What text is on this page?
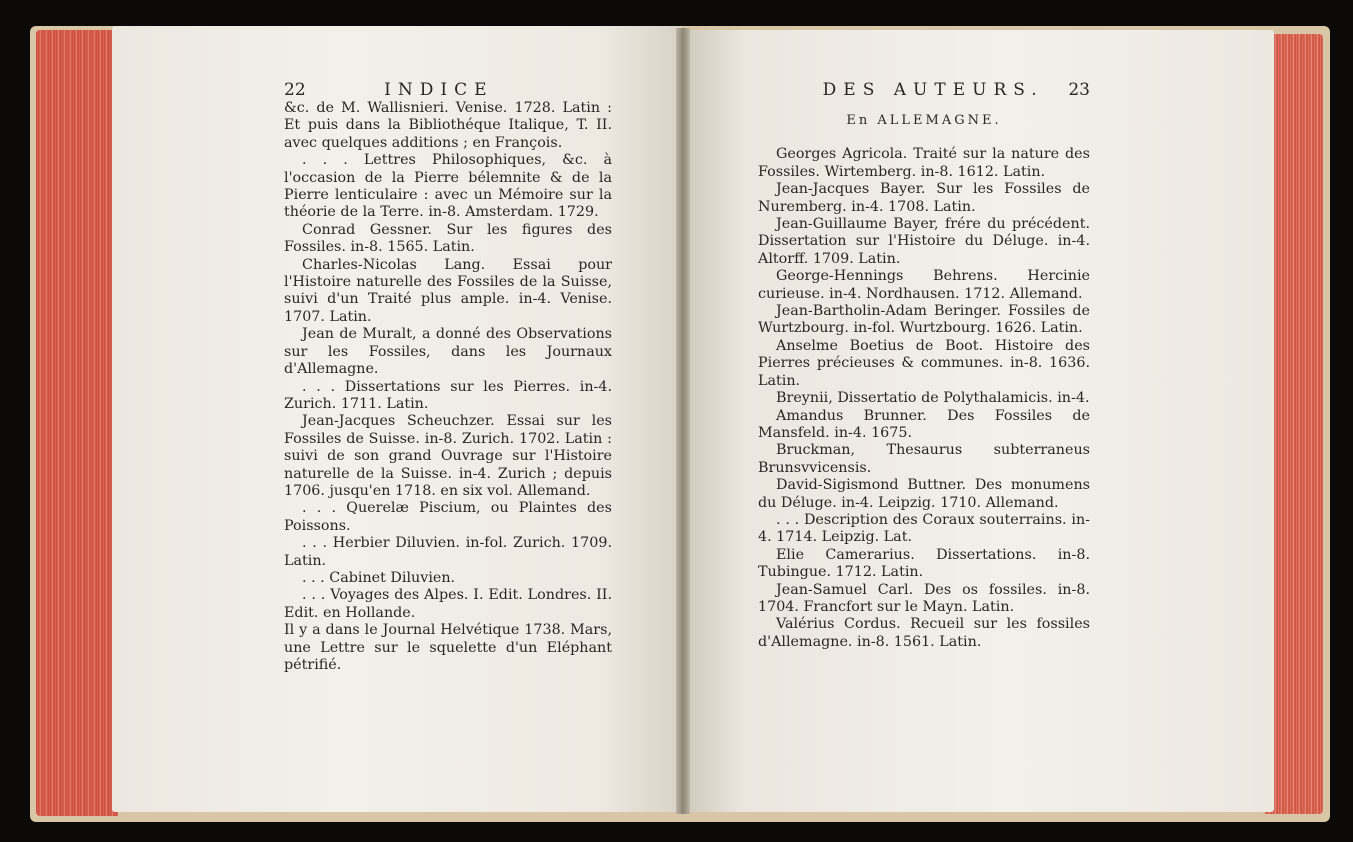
22	INDICE

&c. de M. Wallisnieri. Venise. 1728. Latin : Et puis dans la Bibliothéque Italique, T. II. avec quelques additions ; en François.

. . . Lettres Philosophiques, &c. à l'occasion de la Pierre bélemnite & de la Pierre lenticulaire : avec un Mémoire sur la théorie de la Terre. in-8. Amsterdam. 1729.

Conrad Gessner. Sur les figures des Fossiles. in-8. 1565. Latin.

Charles-Nicolas Lang. Essai pour l'Histoire naturelle des Fossiles de la Suisse, suivi d'un Traité plus ample. in-4. Venise. 1707. Latin.

Jean de Muralt, a donné des Observations sur les Fossiles, dans les Journaux d'Allemagne.

. . . Dissertations sur les Pierres. in-4. Zurich. 1711. Latin.

Jean-Jacques Scheuchzer. Essai sur les Fossiles de Suisse. in-8. Zurich. 1702. Latin : suivi de son grand Ouvrage sur l'Histoire naturelle de la Suisse. in-4. Zurich ; depuis 1706. jusqu'en 1718. en six vol. Allemand.

. . . Querelæ Piscium, ou Plaintes des Poissons.

. . . Herbier Diluvien. in-fol. Zurich. 1709. Latin.

. . . Cabinet Diluvien.

. . . Voyages des Alpes. I. Edit. Londres. II. Edit. en Hollande.

Il y a dans le Journal Helvétique 1738. Mars, une Lettre sur le squelette d'un Eléphant pétrifié.

DES AUTEURS. 23
En ALLEMAGNE.

Georges Agricola. Traité sur la nature des Fossiles. Wirtemberg. in-8. 1612. Latin.

Jean-Jacques Bayer. Sur les Fossiles de Nuremberg. in-4. 1708. Latin.

Jean-Guillaume Bayer, frére du précédent. Dissertation sur l'Histoire du Déluge. in-4. Altorff. 1709. Latin.

George-Hennings Behrens. Hercinie curieuse. in-4. Nordhausen. 1712. Allemand.

Jean-Bartholin-Adam Beringer. Fossiles de Wurtzbourg. in-fol. Wurtzbourg. 1626. Latin.

Anselme Boetius de Boot. Histoire des Pierres précieuses & communes. in-8. 1636. Latin.

Breynii, Dissertatio de Polythalamicis. in-4.

Amandus Brunner. Des Fossiles de Mansfeld. in-4. 1675.

Bruckman, Thesaurus subterraneus Brunsvvicensis.

David-Sigismond Buttner. Des monumens du Déluge. in-4. Leipzig. 1710. Allemand.

. . . Description des Coraux souterrains. in-4. 1714. Leipzig. Lat.

Elie Camerarius. Dissertations. in-8. Tubingue. 1712. Latin.

Jean-Samuel Carl. Des os fossiles. in-8. 1704. Francfort sur le Mayn. Latin.

Valérius Cordus. Recueil sur les fossiles d'Allemagne. in-8. 1561. Latin.
